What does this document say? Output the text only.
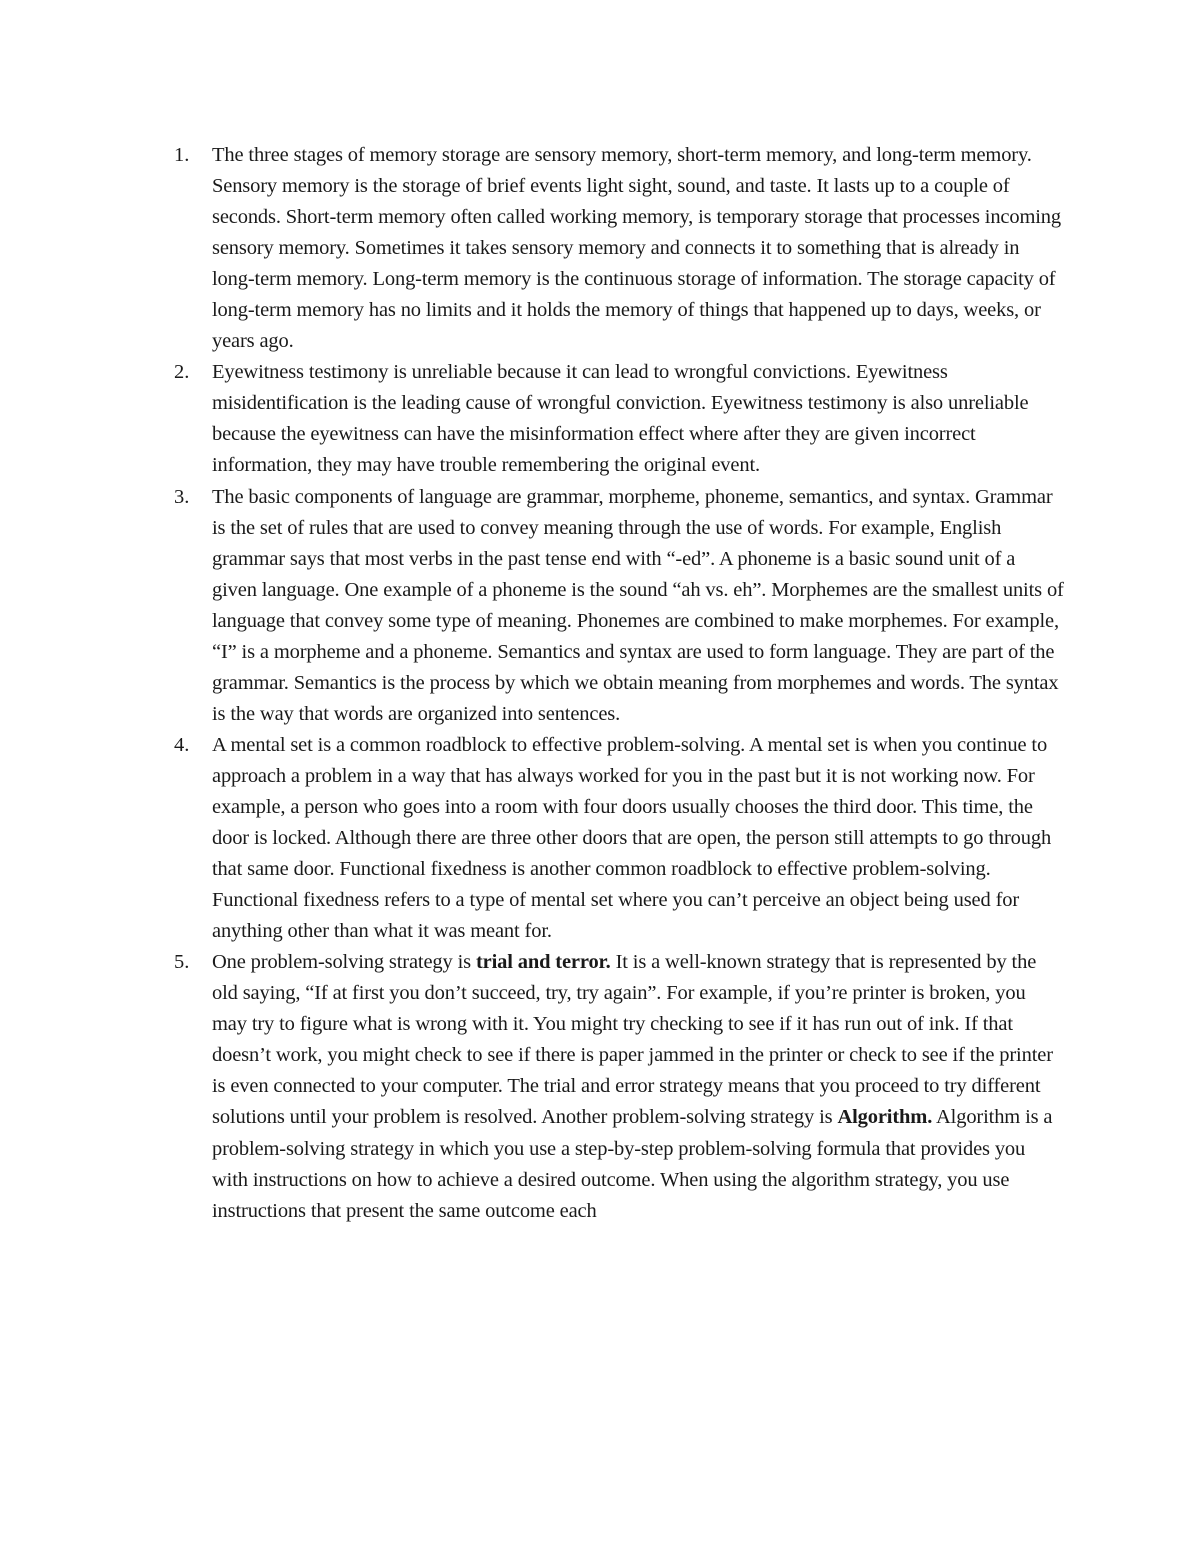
1.	The three stages of memory storage are sensory memory, short-term memory, and long-term memory. Sensory memory is the storage of brief events light sight, sound, and taste. It lasts up to a couple of seconds. Short-term memory often called working memory, is temporary storage that processes incoming sensory memory. Sometimes it takes sensory memory and connects it to something that is already in long-term memory. Long-term memory is the continuous storage of information. The storage capacity of long-term memory has no limits and it holds the memory of things that happened up to days, weeks, or years ago.
2.	Eyewitness testimony is unreliable because it can lead to wrongful convictions. Eyewitness misidentification is the leading cause of wrongful conviction. Eyewitness testimony is also unreliable because the eyewitness can have the misinformation effect where after they are given incorrect information, they may have trouble remembering the original event.
3.	The basic components of language are grammar, morpheme, phoneme, semantics, and syntax. Grammar is the set of rules that are used to convey meaning through the use of words. For example, English grammar says that most verbs in the past tense end with “-ed”. A phoneme is a basic sound unit of a given language. One example of a phoneme is the sound “ah vs. eh”. Morphemes are the smallest units of language that convey some type of meaning. Phonemes are combined to make morphemes. For example, “I” is a morpheme and a phoneme. Semantics and syntax are used to form language. They are part of the grammar. Semantics is the process by which we obtain meaning from morphemes and words. The syntax is the way that words are organized into sentences.
4.	A mental set is a common roadblock to effective problem-solving. A mental set is when you continue to approach a problem in a way that has always worked for you in the past but it is not working now. For example, a person who goes into a room with four doors usually chooses the third door. This time, the door is locked. Although there are three other doors that are open, the person still attempts to go through that same door. Functional fixedness is another common roadblock to effective problem-solving. Functional fixedness refers to a type of mental set where you can’t perceive an object being used for anything other than what it was meant for.
5.	One problem-solving strategy is trial and terror. It is a well-known strategy that is represented by the old saying, “If at first you don’t succeed, try, try again”. For example, if you’re printer is broken, you may try to figure what is wrong with it. You might try checking to see if it has run out of ink. If that doesn’t work, you might check to see if there is paper jammed in the printer or check to see if the printer is even connected to your computer. The trial and error strategy means that you proceed to try different solutions until your problem is resolved. Another problem-solving strategy is Algorithm. Algorithm is a problem-solving strategy in which you use a step-by-step problem-solving formula that provides you with instructions on how to achieve a desired outcome. When using the algorithm strategy, you use instructions that present the same outcome each
